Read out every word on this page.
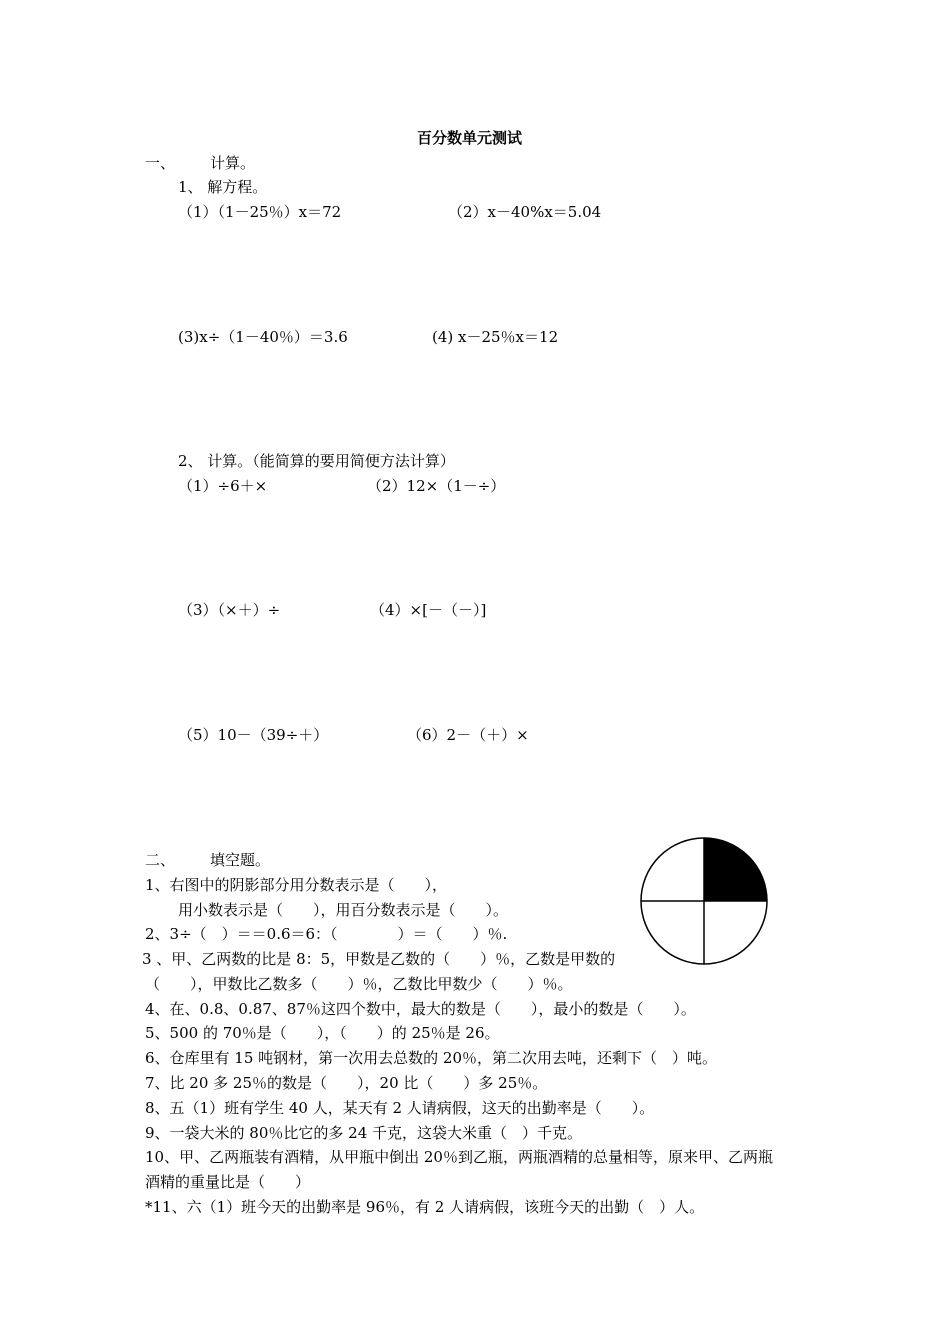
百分数单元测试
一、 计算。
1、 解方程。
（1）（1－25％）x＝72	（2）x－40%x＝5.04
(3)x÷（1－40％）＝3.6	(4) x－25％x＝12
2、 计算。（能简算的要用简便方法计算）
（1）÷6＋×	（2）12×（1－÷）
（3）（×＋）÷	（4）×[－（－）]
（5）10－（39÷＋）	（6）2－（＋）×
二、 填空题。
1、右图中的阴影部分用分数表示是（　　），
用小数表示是（　　），用百分数表示是（　　）。
2、3÷（　）＝＝0.6＝6：（　　　　）＝（　　）％.
3 、甲、乙两数的比是 8：5，甲数是乙数的（　　）％，乙数是甲数的
（　　），甲数比乙数多（　　）％，乙数比甲数少（　　）％。
4、在、0.8、0.87、87％这四个数中，最大的数是（　　），最小的数是（　　）。
5、500 的 70％是（　　），（　　）的 25％是 26。
6、仓库里有 15 吨钢材，第一次用去总数的 20％，第二次用去吨，还剩下（　）吨。
7、比 20 多 25％的数是（　　），20 比（　　）多 25％。
8、五（1）班有学生 40 人，某天有 2 人请病假，这天的出勤率是（　　）。
9、一袋大米的 80％比它的多 24 千克，这袋大米重（　）千克。
10、甲、乙两瓶装有酒精，从甲瓶中倒出 20％到乙瓶，两瓶酒精的总量相等，原来甲、乙两瓶
酒精的重量比是（　　）
*11、六（1）班今天的出勤率是 96％，有 2 人请病假，该班今天的出勤（　）人。
